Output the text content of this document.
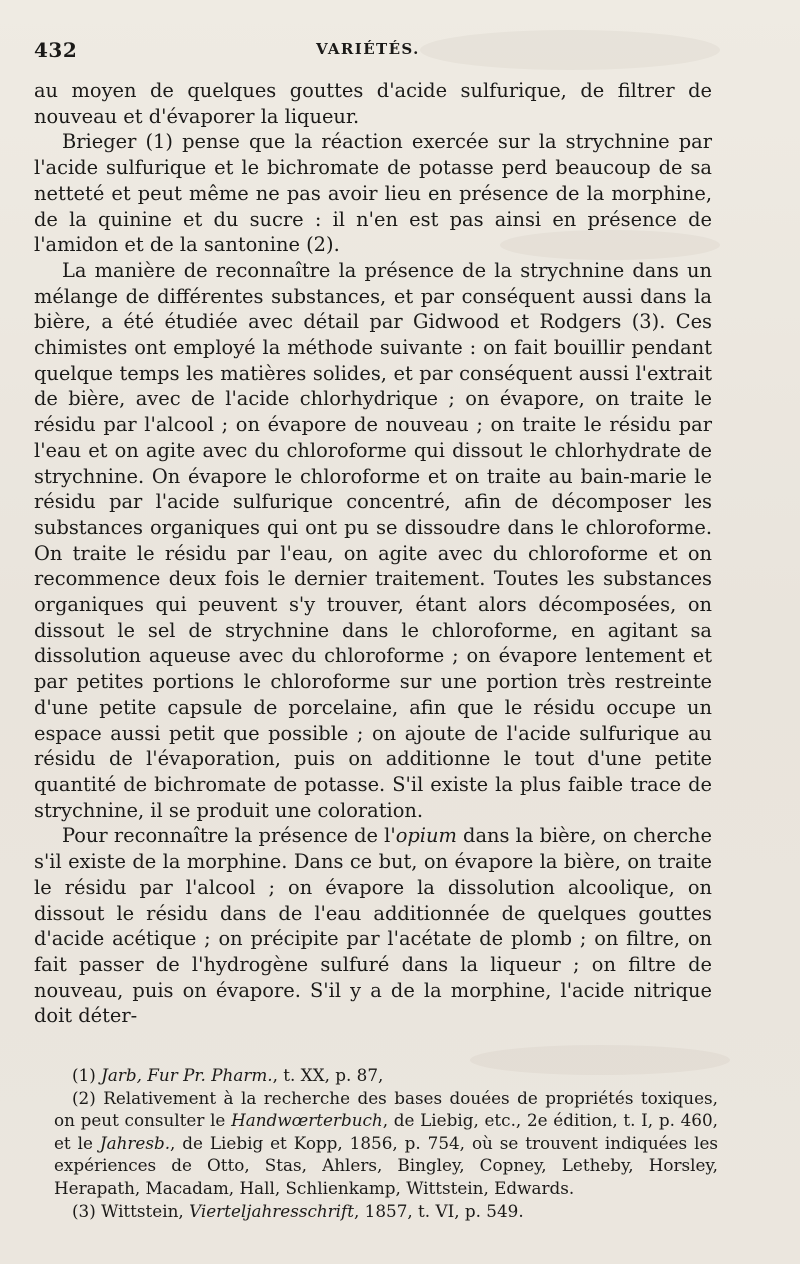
432	VARIÉTÉS.

au moyen de quelques gouttes d'acide sulfurique, de filtrer de nouveau et d'évaporer la liqueur.

Brieger (1) pense que la réaction exercée sur la strychnine par l'acide sulfurique et le bichromate de potasse perd beaucoup de sa netteté et peut même ne pas avoir lieu en présence de la morphine, de la quinine et du sucre : il n'en est pas ainsi en présence de l'amidon et de la santonine (2).

La manière de reconnaître la présence de la strychnine dans un mélange de différentes substances, et par conséquent aussi dans la bière, a été étudiée avec détail par Gidwood et Rodgers (3). Ces chimistes ont employé la méthode suivante : on fait bouillir pendant quelque temps les matières solides, et par conséquent aussi l'extrait de bière, avec de l'acide chlorhydrique ; on évapore, on traite le résidu par l'alcool ; on évapore de nouveau ; on traite le résidu par l'eau et on agite avec du chloroforme qui dissout le chlorhydrate de strychnine. On évapore le chloroforme et on traite au bain-marie le résidu par l'acide sulfurique concentré, afin de décomposer les substances organiques qui ont pu se dissoudre dans le chloroforme. On traite le résidu par l'eau, on agite avec du chloroforme et on recommence deux fois le dernier traitement. Toutes les substances organiques qui peuvent s'y trouver, étant alors décomposées, on dissout le sel de strychnine dans le chloroforme, en agitant sa dissolution aqueuse avec du chloroforme ; on évapore lentement et par petites portions le chloroforme sur une portion très restreinte d'une petite capsule de porcelaine, afin que le résidu occupe un espace aussi petit que possible ; on ajoute de l'acide sulfurique au résidu de l'évaporation, puis on additionne le tout d'une petite quantité de bichromate de potasse. S'il existe la plus faible trace de strychnine, il se produit une coloration.

Pour reconnaître la présence de l'opium dans la bière, on cherche s'il existe de la morphine. Dans ce but, on évapore la bière, on traite le résidu par l'alcool ; on évapore la dissolution alcoolique, on dissout le résidu dans de l'eau additionnée de quelques gouttes d'acide acétique ; on précipite par l'acétate de plomb ; on filtre, on fait passer de l'hydrogène sulfuré dans la liqueur ; on filtre de nouveau, puis on évapore. S'il y a de la morphine, l'acide nitrique doit déter-

(1) Jarb, Fur Pr. Pharm., t. XX, p. 87,

(2) Relativement à la recherche des bases douées de propriétés toxiques, on peut consulter le Handwœrterbuch, de Liebig, etc., 2e édition, t. I, p. 460, et le Jahresb., de Liebig et Kopp, 1856, p. 754, où se trouvent indiquées les expériences de Otto, Stas, Ahlers, Bingley, Copney, Letheby, Horsley, Herapath, Macadam, Hall, Schlienkamp, Wittstein, Edwards.

(3) Wittstein, Vierteljahresschrift, 1857, t. VI, p. 549.
